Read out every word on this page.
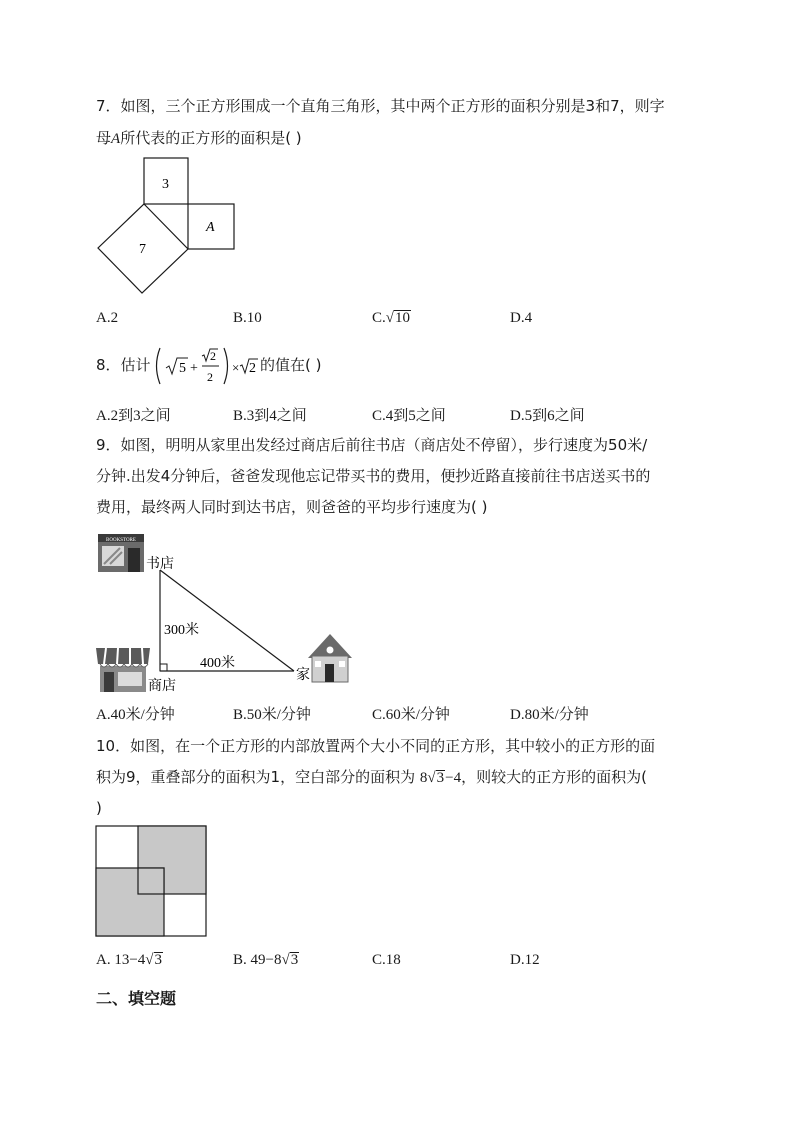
7．如图，三个正方形围成一个直角三角形，其中两个正方形的面积分别是3和7，则字
母A所代表的正方形的面积是( )
3
A
7
A.2	B.10	C.√10	D.4
8．估计 5 +
2
2
× 2 的值在( )
A.2到3之间	B.3到4之间	C.4到5之间	D.5到6之间
9．如图，明明从家里出发经过商店后前往书店（商店处不停留），步行速度为50米/
分钟.出发4分钟后，爸爸发现他忘记带买书的费用，便抄近路直接前往书店送买书的
费用，最终两人同时到达书店，则爸爸的平均步行速度为( )
BOOKSTORE
书店
300米
400米
商店
家
A.40米/分钟	B.50米/分钟	C.60米/分钟	D.80米/分钟
10．如图，在一个正方形的内部放置两个大小不同的正方形，其中较小的正方形的面
积为9，重叠部分的面积为1，空白部分的面积为 8√3−4，则较大的正方形的面积为(
)
A. 13−4√3	B. 49−8√3	C.18	D.12
二、填空题
